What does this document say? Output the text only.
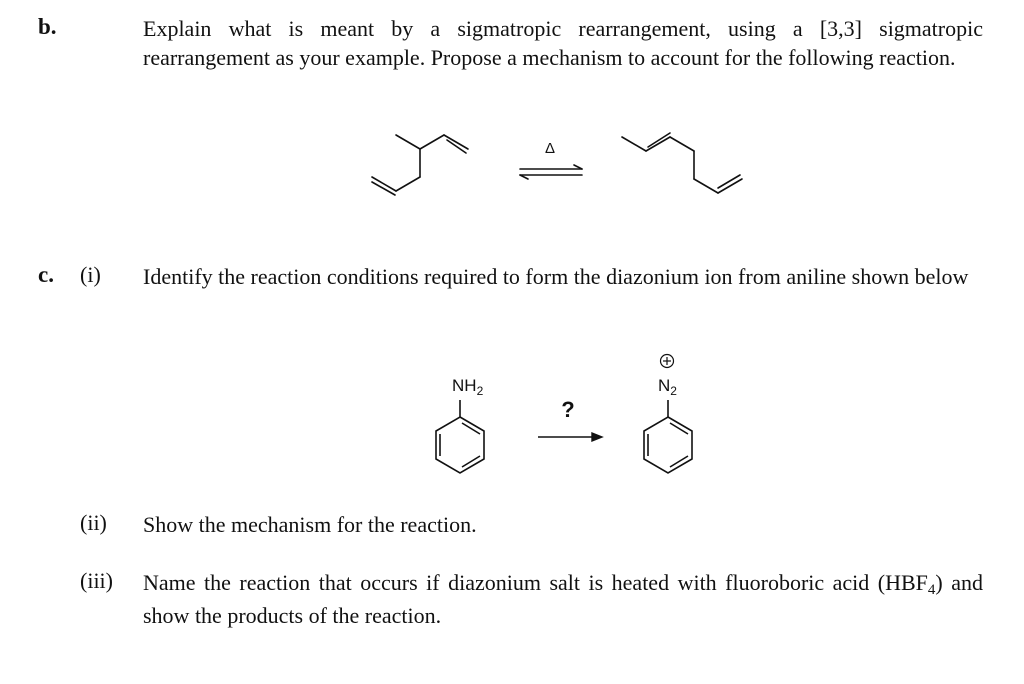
b.	Explain what is meant by a sigmatropic rearrangement, using a [3,3] sigmatropic rearrangement as your example. Propose a mechanism to account for the following reaction.
Δ
c. (i) Identify the reaction conditions required to form the diazonium ion from aniline shown below
$NH_2$
?
+
$N_2$
(ii) Show the mechanism for the reaction.
(iii) Name the reaction that occurs if diazonium salt is heated with fluoroboric acid (HBF4) and show the products of the reaction.
